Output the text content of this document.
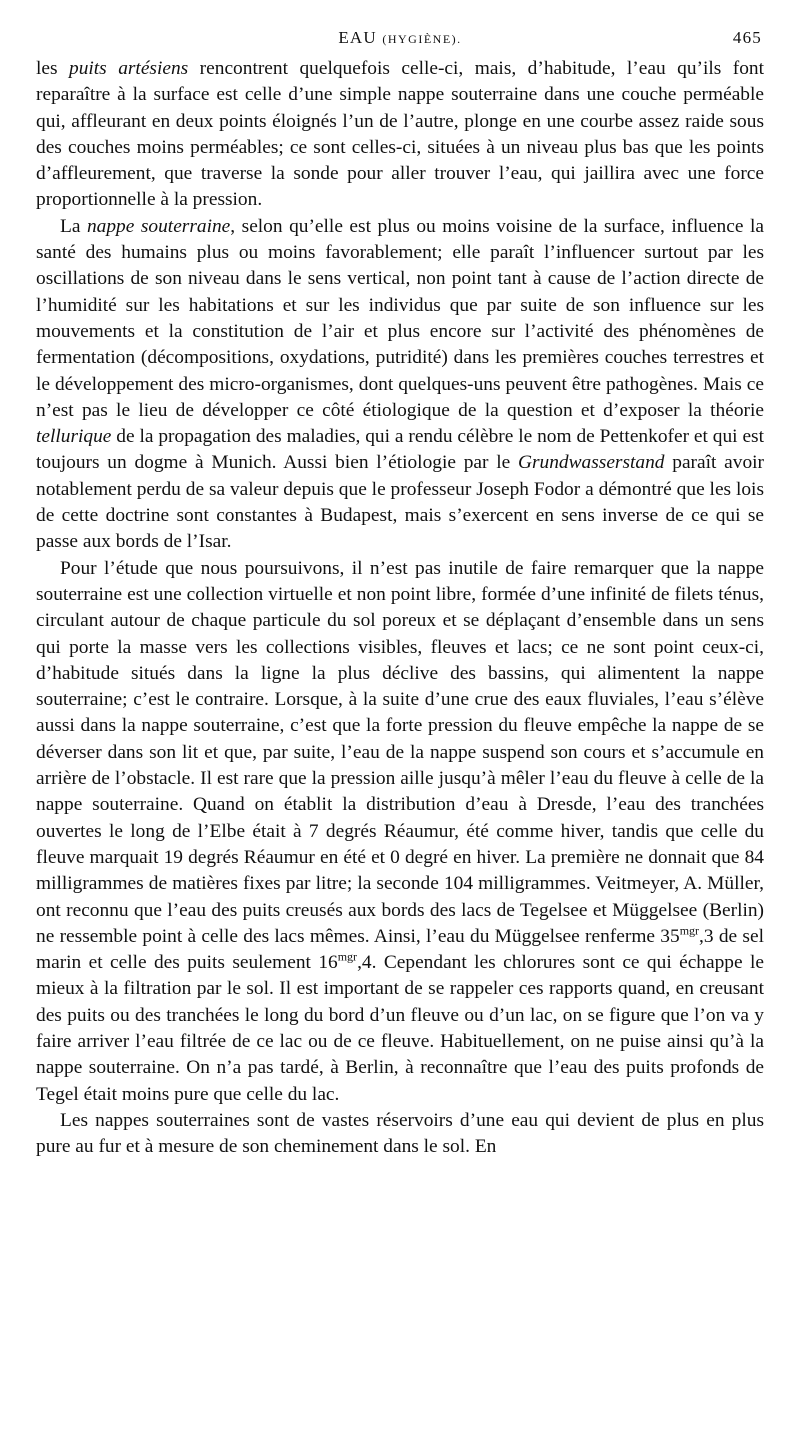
EAU (HYGIÈNE).	465

les puits artésiens rencontrent quelquefois celle-ci, mais, d’habitude, l’eau qu’ils font reparaître à la surface est celle d’une simple nappe souterraine dans une couche perméable qui, affleurant en deux points éloignés l’un de l’autre, plonge en une courbe assez raide sous des couches moins perméables; ce sont celles-ci, situées à un niveau plus bas que les points d’affleurement, que traverse la sonde pour aller trouver l’eau, qui jaillira avec une force proportionnelle à la pression.

La nappe souterraine, selon qu’elle est plus ou moins voisine de la surface, influence la santé des humains plus ou moins favorablement; elle paraît l’influencer surtout par les oscillations de son niveau dans le sens vertical, non point tant à cause de l’action directe de l’humidité sur les habitations et sur les individus que par suite de son influence sur les mouvements et la constitution de l’air et plus encore sur l’activité des phénomènes de fermentation (décompositions, oxydations, putridité) dans les premières couches terrestres et le développement des micro-organismes, dont quelques-uns peuvent être pathogènes. Mais ce n’est pas le lieu de développer ce côté étiologique de la question et d’exposer la théorie tellurique de la propagation des maladies, qui a rendu célèbre le nom de Pettenkofer et qui est toujours un dogme à Munich. Aussi bien l’étiologie par le Grundwasserstand paraît avoir notablement perdu de sa valeur depuis que le professeur Joseph Fodor a démontré que les lois de cette doctrine sont constantes à Budapest, mais s’exercent en sens inverse de ce qui se passe aux bords de l’Isar.

Pour l’étude que nous poursuivons, il n’est pas inutile de faire remarquer que la nappe souterraine est une collection virtuelle et non point libre, formée d’une infinité de filets ténus, circulant autour de chaque particule du sol poreux et se déplaçant d’ensemble dans un sens qui porte la masse vers les collections visibles, fleuves et lacs; ce ne sont point ceux-ci, d’habitude situés dans la ligne la plus déclive des bassins, qui alimentent la nappe souterraine; c’est le contraire. Lorsque, à la suite d’une crue des eaux fluviales, l’eau s’élève aussi dans la nappe souterraine, c’est que la forte pression du fleuve empêche la nappe de se déverser dans son lit et que, par suite, l’eau de la nappe suspend son cours et s’accumule en arrière de l’obstacle. Il est rare que la pression aille jusqu’à mêler l’eau du fleuve à celle de la nappe souterraine. Quand on établit la distribution d’eau à Dresde, l’eau des tranchées ouvertes le long de l’Elbe était à 7 degrés Réaumur, été comme hiver, tandis que celle du fleuve marquait 19 degrés Réaumur en été et 0 degré en hiver. La première ne donnait que 84 milligrammes de matières fixes par litre; la seconde 104 milligrammes. Veitmeyer, A. Müller, ont reconnu que l’eau des puits creusés aux bords des lacs de Tegelsee et Müggelsee (Berlin) ne ressemble point à celle des lacs mêmes. Ainsi, l’eau du Müggelsee renferme $35^{mgr},3$ de sel marin et celle des puits seulement $16^{mgr},4$. Cependant les chlorures sont ce qui échappe le mieux à la filtration par le sol. Il est important de se rappeler ces rapports quand, en creusant des puits ou des tranchées le long du bord d’un fleuve ou d’un lac, on se figure que l’on va y faire arriver l’eau filtrée de ce lac ou de ce fleuve. Habituellement, on ne puise ainsi qu’à la nappe souterraine. On n’a pas tardé, à Berlin, à reconnaître que l’eau des puits profonds de Tegel était moins pure que celle du lac.

Les nappes souterraines sont de vastes réservoirs d’une eau qui devient de plus en plus pure au fur et à mesure de son cheminement dans le sol. En
